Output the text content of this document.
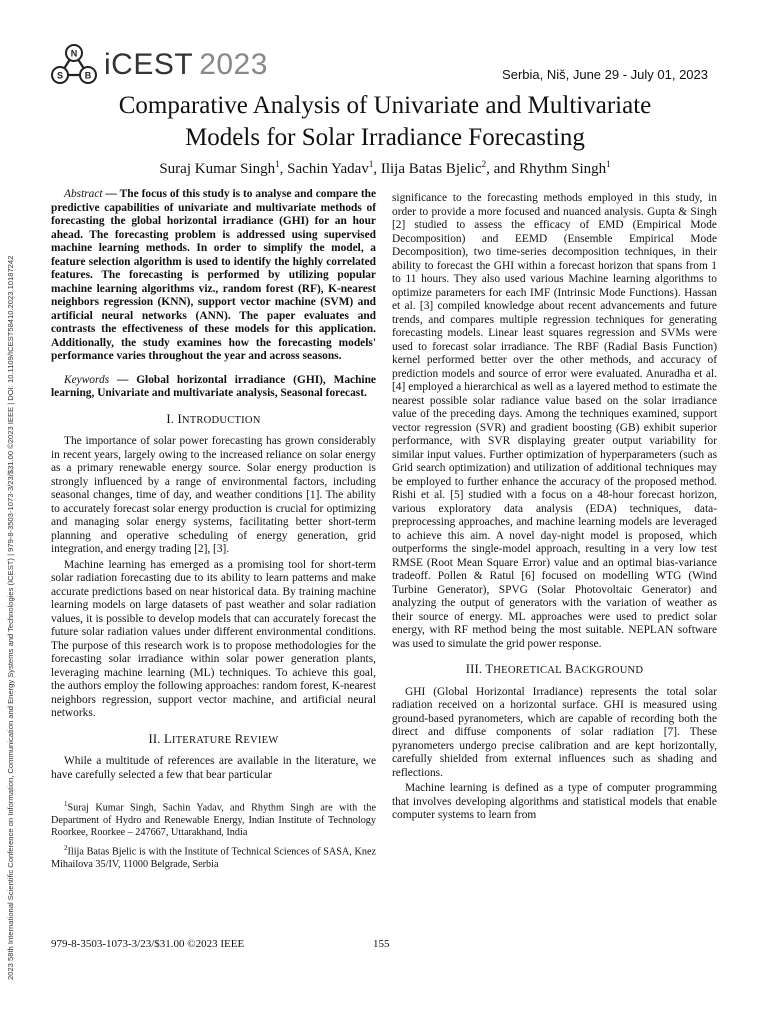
2023 58th International Scientific Conference on Information, Communication and Energy Systems and Technologies (ICEST) | 979-8-3503-1073-3/23/$31.00 ©2023 IEEE | DOI: 10.1109/ICEST58410.2023.10187242
N
S B iCEST 2023	Serbia, Niš, June 29 - July 01, 2023
Comparative Analysis of Univariate and Multivariate
Models for Solar Irradiance Forecasting
Suraj Kumar Singh$^1$, Sachin Yadav$^1$, Ilija Batas Bjelic$^2$, and Rhythm Singh$^1$

Abstract — The focus of this study is to analyse and compare the predictive capabilities of univariate and multivariate methods of forecasting the global horizontal irradiance (GHI) for an hour ahead. The forecasting problem is addressed using supervised machine learning methods. In order to simplify the model, a feature selection algorithm is used to identify the highly correlated features. The forecasting is performed by utilizing popular machine learning algorithms viz., random forest (RF), K-nearest neighbors regression (KNN), support vector machine (SVM) and artificial neural networks (ANN). The paper evaluates and contrasts the effectiveness of these models for this application. Additionally, the study examines how the forecasting models' performance varies throughout the year and across seasons.

Keywords — Global horizontal irradiance (GHI), Machine learning, Univariate and multivariate analysis, Seasonal forecast.

I. INTRODUCTION

The importance of solar power forecasting has grown considerably in recent years, largely owing to the increased reliance on solar energy as a primary renewable energy source. Solar energy production is strongly influenced by a range of environmental factors, including seasonal changes, time of day, and weather conditions [1]. The ability to accurately forecast solar energy production is crucial for optimizing and managing solar energy systems, facilitating better short-term planning and operative scheduling of energy generation, grid integration, and energy trading [2], [3].

Machine learning has emerged as a promising tool for short-term solar radiation forecasting due to its ability to learn patterns and make accurate predictions based on near historical data. By training machine learning models on large datasets of past weather and solar radiation values, it is possible to develop models that can accurately forecast the future solar radiation values under different environmental conditions. The purpose of this research work is to propose methodologies for the forecasting solar irradiance within solar power generation plants, leveraging machine learning (ML) techniques. To achieve this goal, the authors employ the following approaches: random forest, K-nearest neighbors regression, support vector machine, and artificial neural networks.

II. LITERATURE REVIEW

While a multitude of references are available in the literature, we have carefully selected a few that bear particular

$^1$Suraj Kumar Singh, Sachin Yadav, and Rhythm Singh are with the Department of Hydro and Renewable Energy, Indian Institute of Technology Roorkee, Roorkee – 247667, Uttarakhand, India

$^2$Ilija Batas Bjelic is with the Institute of Technical Sciences of SASA, Knez Mihailova 35/IV, 11000 Belgrade, Serbia

significance to the forecasting methods employed in this study, in order to provide a more focused and nuanced analysis. Gupta & Singh [2] studied to assess the efficacy of EMD (Empirical Mode Decomposition) and EEMD (Ensemble Empirical Mode Decomposition), two time-series decomposition techniques, in their ability to forecast the GHI within a forecast horizon that spans from 1 to 11 hours. They also used various Machine learning algorithms to optimize parameters for each IMF (Intrinsic Mode Functions). Hassan et al. [3] compiled knowledge about recent advancements and future trends, and compares multiple regression techniques for generating forecasting models. Linear least squares regression and SVMs were used to forecast solar irradiance. The RBF (Radial Basis Function) kernel performed better over the other methods, and accuracy of prediction models and source of error were evaluated. Anuradha et al. [4] employed a hierarchical as well as a layered method to estimate the nearest possible solar radiance value based on the solar irradiance value of the preceding days. Among the techniques examined, support vector regression (SVR) and gradient boosting (GB) exhibit superior performance, with SVR displaying greater output variability for similar input values. Further optimization of hyperparameters (such as Grid search optimization) and utilization of additional techniques may be employed to further enhance the accuracy of the proposed method. Rishi et al. [5] studied with a focus on a 48-hour forecast horizon, various exploratory data analysis (EDA) techniques, data-preprocessing approaches, and machine learning models are leveraged to achieve this aim. A novel day-night model is proposed, which outperforms the single-model approach, resulting in a very low test RMSE (Root Mean Square Error) value and an optimal bias-variance tradeoff. Pollen & Ratul [6] focused on modelling WTG (Wind Turbine Generator), SPVG (Solar Photovoltaic Generator) and analyzing the output of generators with the variation of weather as their source of energy. ML approaches were used to predict solar energy, with RF method being the most suitable. NEPLAN software was used to simulate the grid power response.

III. THEORETICAL BACKGROUND

GHI (Global Horizontal Irradiance) represents the total solar radiation received on a horizontal surface. GHI is measured using ground-based pyranometers, which are capable of recording both the direct and diffuse components of solar radiation [7]. These pyranometers undergo precise calibration and are kept horizontally, carefully shielded from external influences such as shading and reflections.

Machine learning is defined as a type of computer programming that involves developing algorithms and statistical models that enable computer systems to learn from

979-8-3503-1073-3/23/$31.00 ©2023 IEEE	155
